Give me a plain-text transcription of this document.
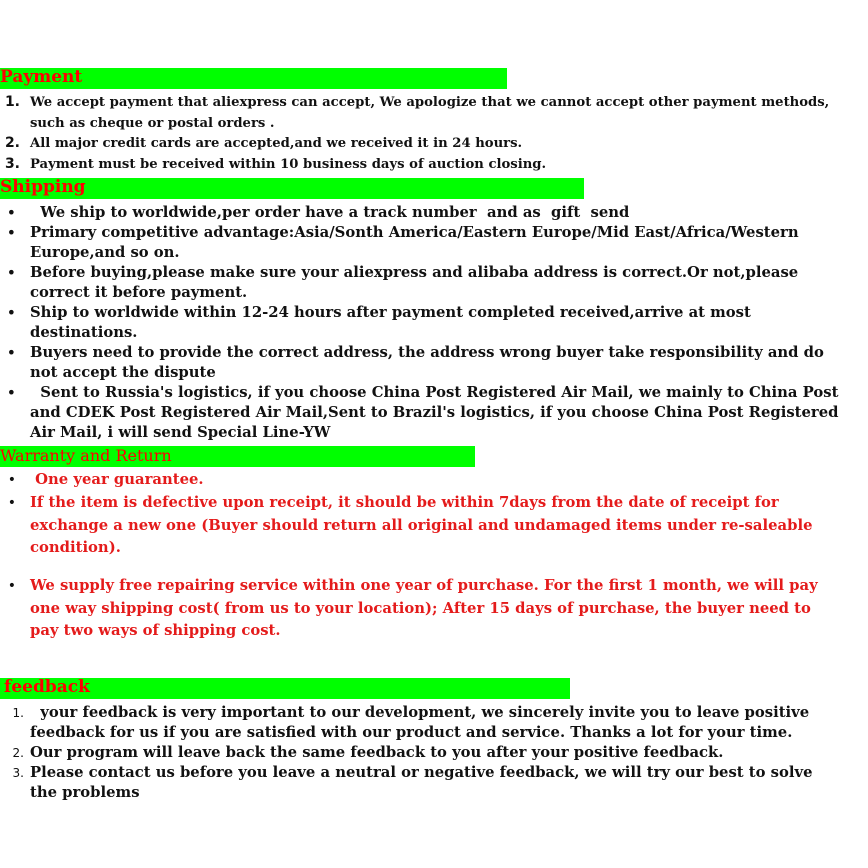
Payment
1. We accept payment that aliexpress can accept, We apologize that we cannot accept other payment methods,
such as cheque or postal orders .
2. All major credit cards are accepted,and we received it in 24 hours.
3. Payment must be received within 10 business days of auction closing.
Shipping
• We ship to worldwide,per order have a track number  and as  gift  send
• Primary competitive advantage:Asia/Sonth America/Eastern Europe/Mid East/Africa/Western
Europe,and so on.
• Before buying,please make sure your aliexpress and alibaba address is correct.Or not,please
correct it before payment.
• Ship to worldwide within 12-24 hours after payment completed received,arrive at most
destinations.
• Buyers need to provide the correct address, the address wrong buyer take responsibility and do
not accept the dispute
• Sent to Russia's logistics, if you choose China Post Registered Air Mail, we mainly to China Post
and CDEK Post Registered Air Mail,Sent to Brazil's logistics, if you choose China Post Registered
Air Mail, i will send Special Line-YW
Warranty and Return
• One year guarantee.
• If the item is defective upon receipt, it should be within 7days from the date of receipt for
exchange a new one (Buyer should return all original and undamaged items under re-saleable
condition).
• We supply free repairing service within one year of purchase. For the first 1 month, we will pay
one way shipping cost( from us to your location); After 15 days of purchase, the buyer need to
pay two ways of shipping cost.
feedback
1. your feedback is very important to our development, we sincerely invite you to leave positive
feedback for us if you are satisfied with our product and service. Thanks a lot for your time.
2. Our program will leave back the same feedback to you after your positive feedback.
3. Please contact us before you leave a neutral or negative feedback, we will try our best to solve
the problems
